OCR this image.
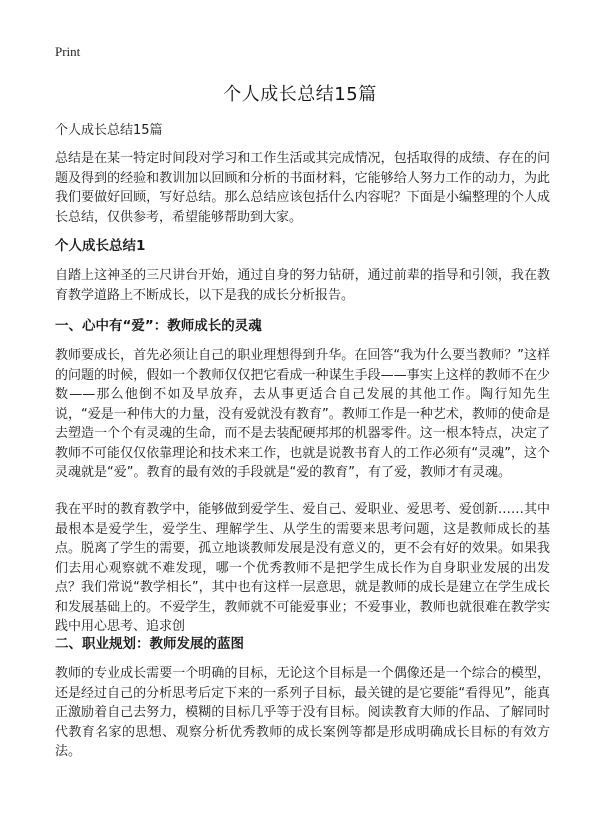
Print
个人成长总结15篇
个人成长总结15篇

总结是在某一特定时间段对学习和工作生活或其完成情况，包括取得的成绩、存在的问题及得到的经验和教训加以回顾和分析的书面材料，它能够给人努力工作的动力，为此我们要做好回顾，写好总结。那么总结应该包括什么内容呢？下面是小编整理的个人成长总结，仅供参考，希望能够帮助到大家。

个人成长总结1

自踏上这神圣的三尺讲台开始，通过自身的努力钻研，通过前辈的指导和引领，我在教育教学道路上不断成长，以下是我的成长分析报告。

一、心中有“爱”：教师成长的灵魂

教师要成长，首先必须让自己的职业理想得到升华。在回答“我为什么要当教师？”这样的问题的时候，假如一个教师仅仅把它看成一种谋生手段——事实上这样的教师不在少数——那么他倒不如及早放弃，去从事更适合自己发展的其他工作。陶行知先生说，“爱是一种伟大的力量，没有爱就没有教育”。教师工作是一种艺术，教师的使命是去塑造一个个有灵魂的生命，而不是去装配硬邦邦的机器零件。这一根本特点，决定了教师不可能仅仅依靠理论和技术来工作，也就是说教书育人的工作必须有“灵魂”，这个灵魂就是“爱”。教育的最有效的手段就是“爱的教育”，有了爱，教师才有灵魂。

我在平时的教育教学中，能够做到爱学生、爱自己、爱职业、爱思考、爱创新……其中最根本是爱学生，爱学生、理解学生、从学生的需要来思考问题，这是教师成长的基点。脱离了学生的需要，孤立地谈教师发展是没有意义的，更不会有好的效果。如果我们去用心观察就不难发现，哪一个优秀教师不是把学生成长作为自身职业发展的出发点？我们常说“教学相长”，其中也有这样一层意思，就是教师的成长是建立在学生成长和发展基础上的。不爱学生，教师就不可能爱事业；不爱事业，教师也就很难在教学实践中用心思考、追求创

二、职业规划：教师发展的蓝图

教师的专业成长需要一个明确的目标，无论这个目标是一个偶像还是一个综合的模型，还是经过自己的分析思考后定下来的一系列子目标，最关键的是它要能“看得见”，能真正激励着自己去努力，模糊的目标几乎等于没有目标。阅读教育大师的作品、了解同时代教育名家的思想、观察分析优秀教师的成长案例等都是形成明确成长目标的有效方法。
